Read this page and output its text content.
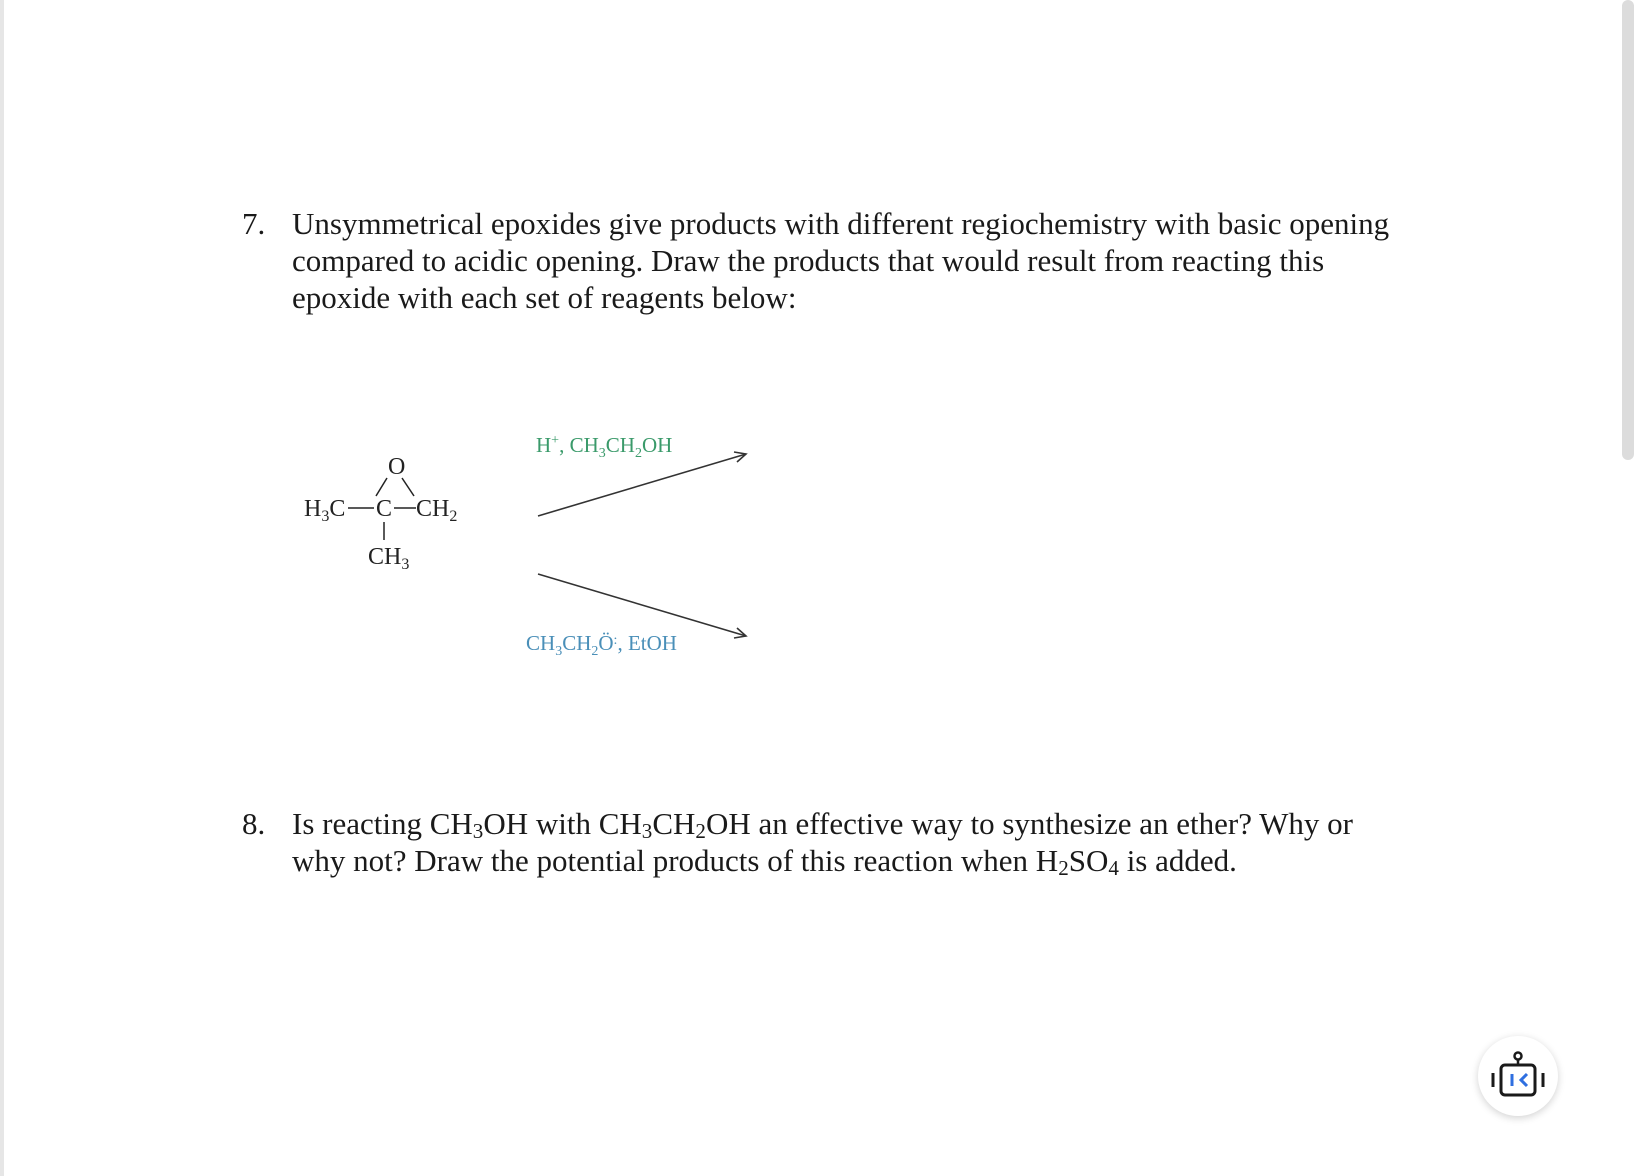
7. Unsymmetrical epoxides give products with different regiochemistry with basic opening
compared to acidic opening. Draw the products that would result from reacting this
epoxide with each set of reagents below:
O
$H_3C$ C $CH_2$
$CH_3$
H+, $CH_3CH_2OH$
$CH_3CH_2Ö^:$, EtOH
8. Is reacting $CH_3OH$ with $CH_3CH_2OH$ an effective way to synthesize an ether? Why or
why not? Draw the potential products of this reaction when $H_2SO_4$ is added.
